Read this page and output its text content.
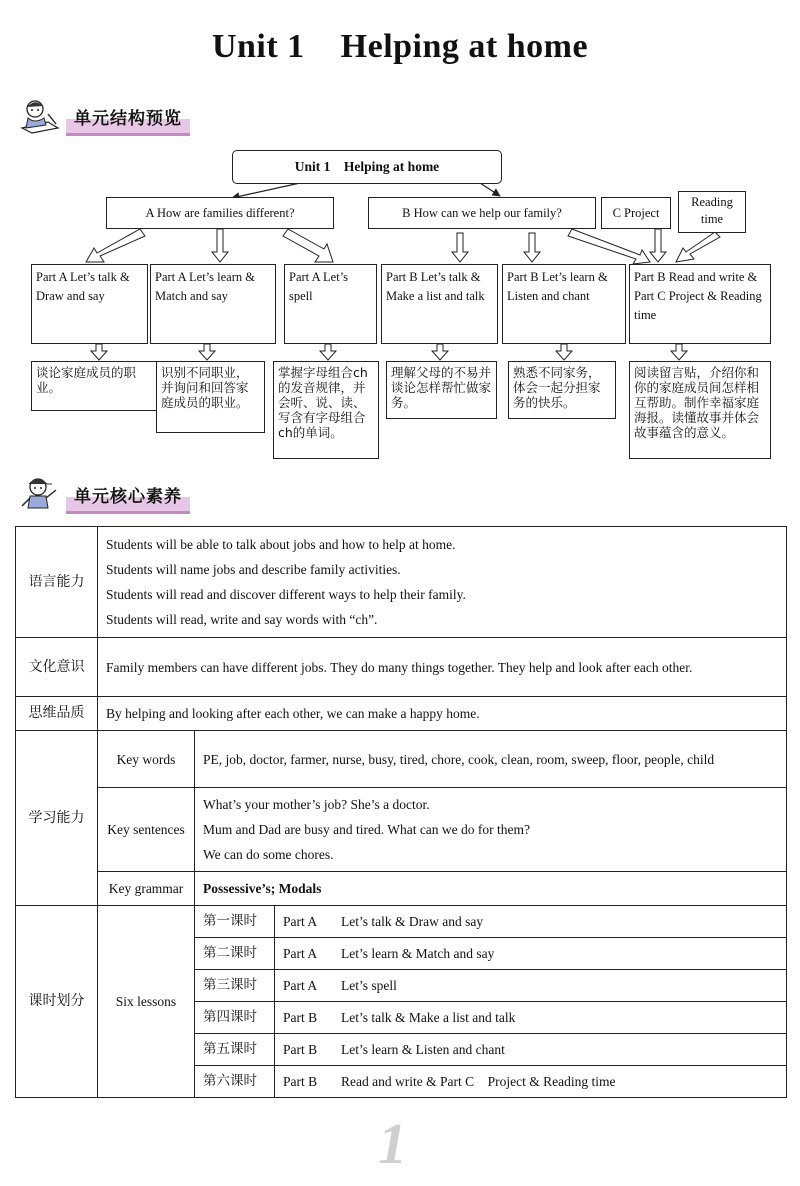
Unit 1    Helping at home
单元结构预览
Unit 1    Helping at home
A How are families different?	B How can we help our family?	C Project
Reading time
Part A Let’s talk & Draw and say
Part A Let’s learn & Match and say
Part A Let’s spell
Part B Let’s talk & Make a list and talk
Part B Let’s learn & Listen and chant
Part B Read and write & Part C Project & Reading time
谈论家庭成员的职业。
识别不同职业，并询问和回答家庭成员的职业。
掌握字母组合ch的发音规律，并会听、说、读、写含有字母组合ch的单词。
理解父母的不易并谈论怎样帮忙做家务。
熟悉不同家务，体会一起分担家务的快乐。
阅读留言贴，介绍你和你的家庭成员间怎样相互帮助。制作幸福家庭海报。读懂故事并体会故事蕴含的意义。
单元核心素养
语言能力	Students will be able to talk about jobs and how to help at home.
Students will name jobs and describe family activities.
Students will read and discover different ways to help their family.
Students will read, write and say words with “ch”.		

文化意识	Family members can have different jobs. They do many things together. They help and look after each other.		
思维品质	By helping and looking after each other, we can make a happy home.		
学习能力	Key words	PE, job, doctor, farmer, nurse, busy, tired, chore, cook, clean, room, sweep, floor, people, child	
	Key sentences	What’s your mother’s job? She’s a doctor.
Mum and Dad are busy and tired. What can we do for them?
We can do some chores.	

	Key grammar	Possessive’s; Modals	
课时划分	Six lessons	第一课时	Part A Let’s talk & Draw and say
		第二课时	Part A Let’s learn & Match and say
		第三课时	Part A Let’s spell
		第四课时	Part B Let’s talk & Make a list and talk
		第五课时	Part B Let’s learn & Listen and chant
		第六课时	Part B Read and write & Part C    Project & Reading time
1
